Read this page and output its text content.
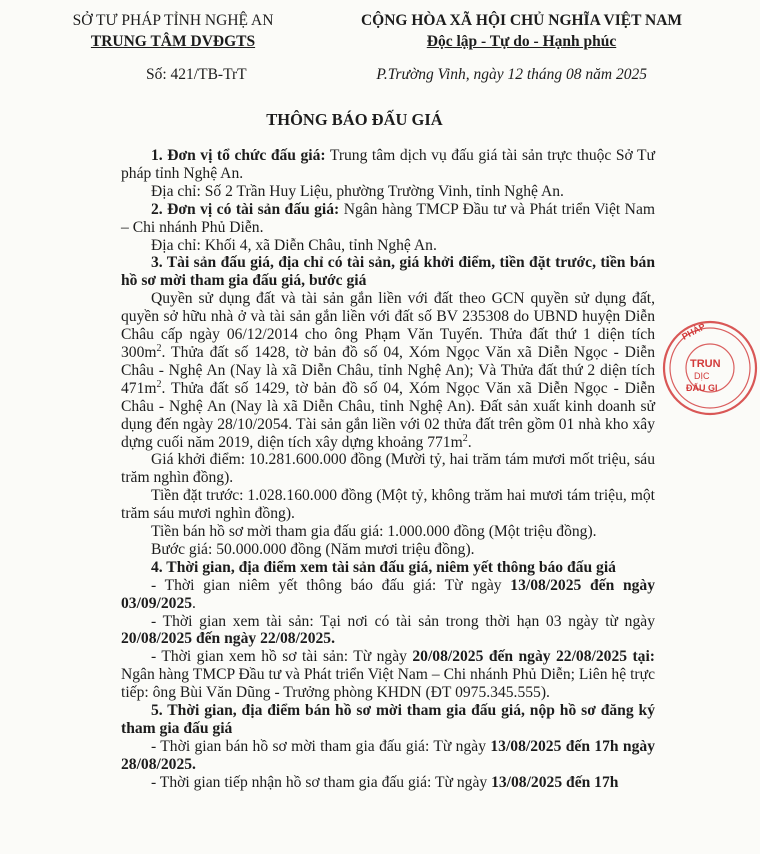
SỞ TƯ PHÁP TỈNH NGHỆ AN
TRUNG TÂM DVĐGTS
CỘNG HÒA XÃ HỘI CHỦ NGHĨA VIỆT NAM
Độc lập - Tự do - Hạnh phúc
Số: 421/TB-TrT	P.Trường Vinh, ngày 12 tháng 08 năm 2025
THÔNG BÁO ĐẤU GIÁ

1. Đơn vị tổ chức đấu giá: Trung tâm dịch vụ đấu giá tài sản trực thuộc Sở Tư pháp tỉnh Nghệ An.

Địa chỉ: Số 2 Trần Huy Liệu, phường Trường Vinh, tỉnh Nghệ An.

2. Đơn vị có tài sản đấu giá: Ngân hàng TMCP Đầu tư và Phát triển Việt Nam – Chi nhánh Phủ Diễn.

Địa chỉ: Khối 4, xã Diễn Châu, tỉnh Nghệ An.

3. Tài sản đấu giá, địa chỉ có tài sản, giá khởi điểm, tiền đặt trước, tiền bán hồ sơ mời tham gia đấu giá, bước giá

Quyền sử dụng đất và tài sản gắn liền với đất theo GCN quyền sử dụng đất, quyền sở hữu nhà ở và tài sản gắn liền với đất số BV 235308 do UBND huyện Diễn Châu cấp ngày 06/12/2014 cho ông Phạm Văn Tuyến. Thửa đất thứ 1 diện tích $300m^2$. Thửa đất số 1428, tờ bản đồ số 04, Xóm Ngọc Văn xã Diễn Ngọc - Diễn Châu - Nghệ An (Nay là xã Diễn Châu, tỉnh Nghệ An); Và Thửa đất thứ 2 diện tích $471m^2$. Thửa đất số 1429, tờ bản đồ số 04, Xóm Ngọc Văn xã Diễn Ngọc - Diễn Châu - Nghệ An (Nay là xã Diễn Châu, tỉnh Nghệ An). Đất sản xuất kinh doanh sử dụng đến ngày 28/10/2054. Tài sản gắn liền với 02 thửa đất trên gồm 01 nhà kho xây dựng cuối năm 2019, diện tích xây dựng khoảng $771m^2$.

Giá khởi điểm: 10.281.600.000 đồng (Mười tỷ, hai trăm tám mươi mốt triệu, sáu trăm nghìn đồng).

Tiền đặt trước: 1.028.160.000 đồng (Một tỷ, không trăm hai mươi tám triệu, một trăm sáu mươi nghìn đồng).

Tiền bán hồ sơ mời tham gia đấu giá: 1.000.000 đồng (Một triệu đồng).

Bước giá: 50.000.000 đồng (Năm mươi triệu đồng).

4. Thời gian, địa điểm xem tài sản đấu giá, niêm yết thông báo đấu giá

- Thời gian niêm yết thông báo đấu giá: Từ ngày 13/08/2025 đến ngày 03/09/2025.

- Thời gian xem tài sản: Tại nơi có tài sản trong thời hạn 03 ngày từ ngày 20/08/2025 đến ngày 22/08/2025.

- Thời gian xem hồ sơ tài sản: Từ ngày 20/08/2025 đến ngày 22/08/2025 tại: Ngân hàng TMCP Đầu tư và Phát triển Việt Nam – Chi nhánh Phủ Diễn; Liên hệ trực tiếp: ông Bùi Văn Dũng - Trưởng phòng KHDN (ĐT 0975.345.555).

5. Thời gian, địa điểm bán hồ sơ mời tham gia đấu giá, nộp hồ sơ đăng ký tham gia đấu giá

- Thời gian bán hồ sơ mời tham gia đấu giá: Từ ngày 13/08/2025 đến 17h ngày 28/08/2025.

- Thời gian tiếp nhận hồ sơ tham gia đấu giá: Từ ngày 13/08/2025 đến 17h

PHÁP
TRUN
DỊC
ĐẤU GI
